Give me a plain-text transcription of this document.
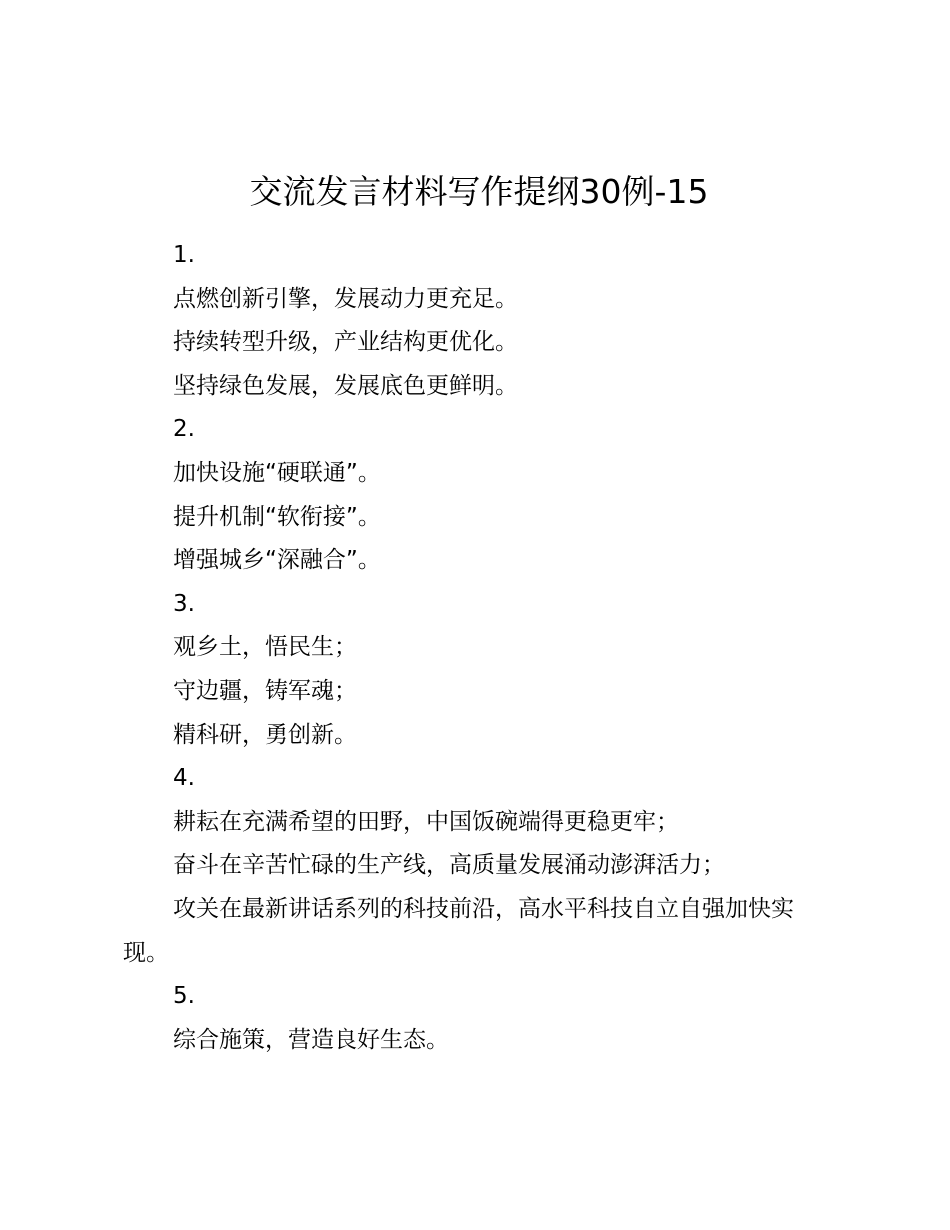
交流发言材料写作提纲30例-15
1.
点燃创新引擎，发展动力更充足。
持续转型升级，产业结构更优化。
坚持绿色发展，发展底色更鲜明。
2.
加快设施“硬联通”。
提升机制“软衔接”。
增强城乡“深融合”。
3.
观乡土，悟民生；
守边疆，铸军魂；
精科研，勇创新。
4.
耕耘在充满希望的田野，中国饭碗端得更稳更牢；
奋斗在辛苦忙碌的生产线，高质量发展涌动澎湃活力；
攻关在最新讲话系列的科技前沿，高水平科技自立自强加快实现。
5.
综合施策，营造良好生态。
